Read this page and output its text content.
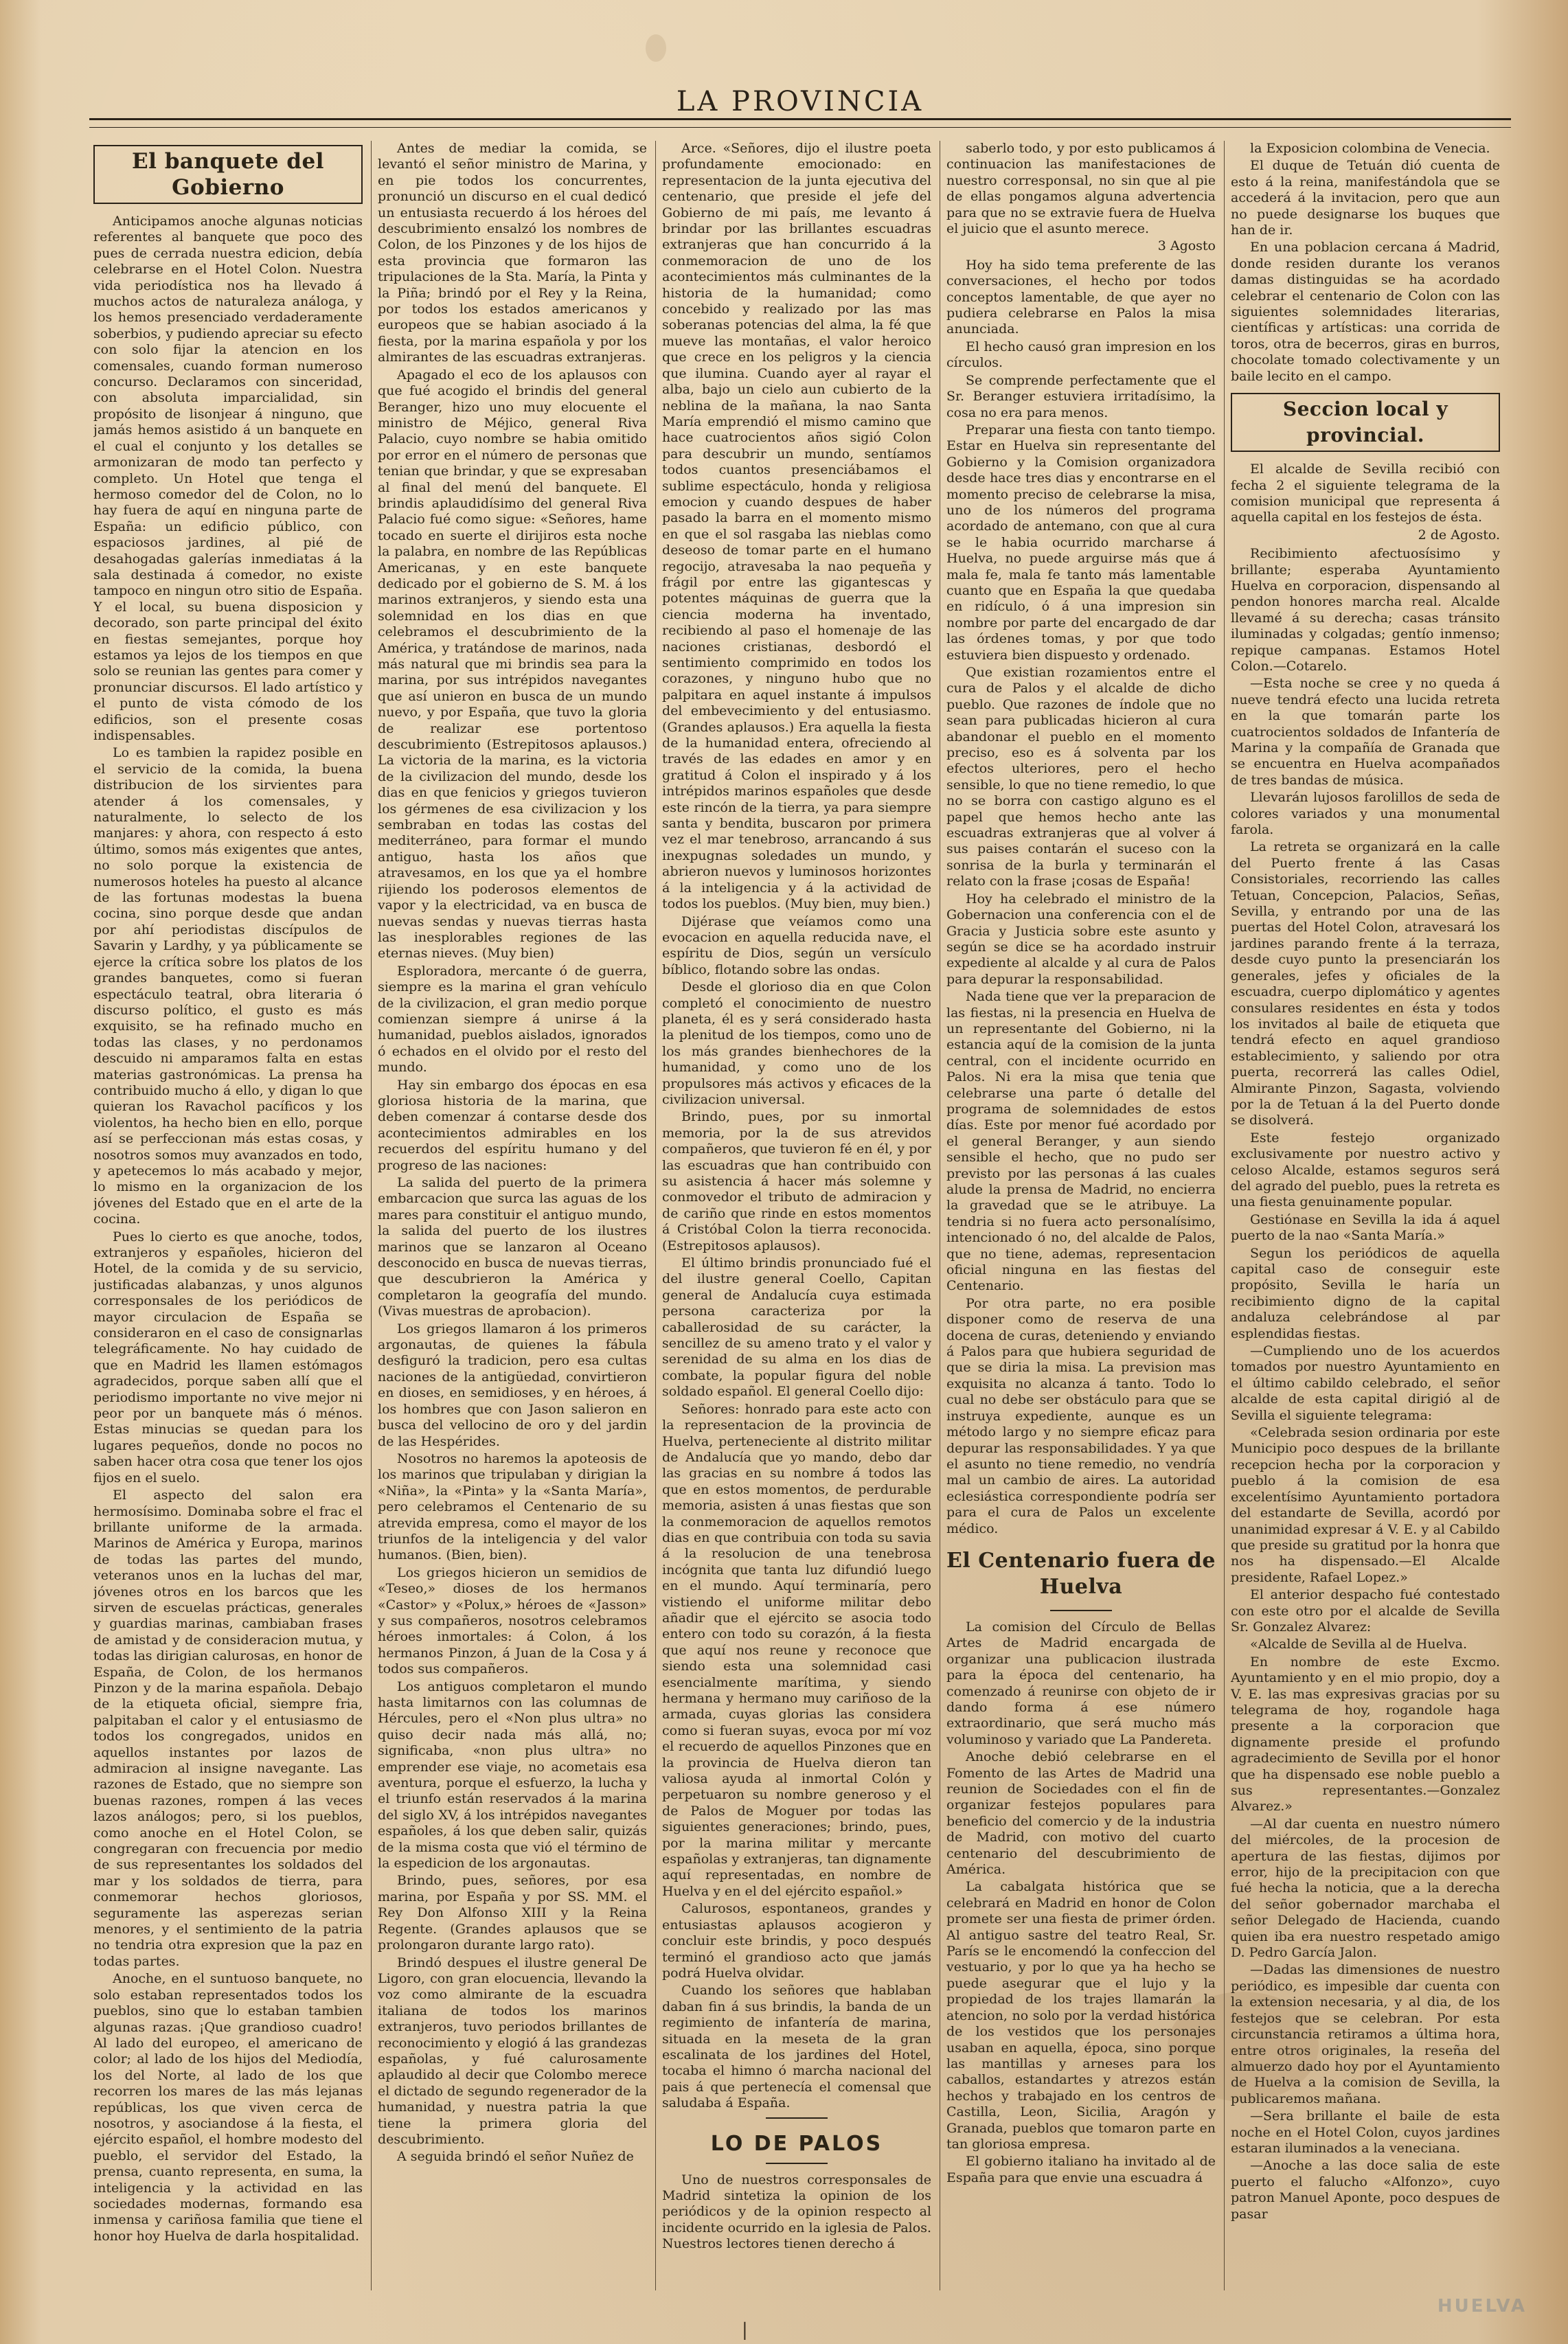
LA PROVINCIA
El banquete del Gobierno

Anticipamos anoche algunas noticias referentes al banquete que poco des pues de cerrada nuestra edicion, debía celebrarse en el Hotel Colon. Nuestra vida periodística nos ha llevado á muchos actos de naturaleza análoga, y los hemos presenciado verdaderamente soberbios, y pudiendo apreciar su efecto con solo fijar la atencion en los comensales, cuando forman numeroso concurso. Declaramos con sinceridad, con absoluta imparcialidad, sin propósito de lisonjear á ninguno, que jamás hemos asistido á un banquete en el cual el conjunto y los detalles se armonizaran de modo tan perfecto y completo. Un Hotel que tenga el hermoso comedor del de Colon, no lo hay fuera de aquí en ninguna parte de España: un edificio público, con espaciosos jardines, al pié de desahogadas galerías inmediatas á la sala destinada á comedor, no existe tampoco en ningun otro sitio de España. Y el local, su buena disposicion y decorado, son parte principal del éxito en fiestas semejantes, porque hoy estamos ya lejos de los tiempos en que solo se reunian las gentes para comer y pronunciar discursos. El lado artístico y el punto de vista cómodo de los edificios, son el presente cosas indispensables.

Lo es tambien la rapidez posible en el servicio de la comida, la buena distribucion de los sirvientes para atender á los comensales, y naturalmente, lo selecto de los manjares: y ahora, con respecto á esto último, somos más exigentes que antes, no solo porque la existencia de numerosos hoteles ha puesto al alcance de las fortunas modestas la buena cocina, sino porque desde que andan por ahí periodistas discípulos de Savarin y Lardhy, y ya públicamente se ejerce la crítica sobre los platos de los grandes banquetes, como si fueran espectáculo teatral, obra literaria ó discurso político, el gusto es más exquisito, se ha refinado mucho en todas las clases, y no perdonamos descuido ni amparamos falta en estas materias gastronómicas. La prensa ha contribuido mucho á ello, y digan lo que quieran los Ravachol pacíficos y los violentos, ha hecho bien en ello, porque así se perfeccionan más estas cosas, y nosotros somos muy avanzados en todo, y apetecemos lo más acabado y mejor, lo mismo en la organizacion de los jóvenes del Estado que en el arte de la cocina.

Pues lo cierto es que anoche, todos, extranjeros y españoles, hicieron del Hotel, de la comida y de su servicio, justificadas alabanzas, y unos algunos corresponsales de los periódicos de mayor circulacion de España se consideraron en el caso de consignarlas telegráficamente. No hay cuidado de que en Madrid les llamen estómagos agradecidos, porque saben allí que el periodismo importante no vive mejor ni peor por un banquete más ó ménos. Estas minucias se quedan para los lugares pequeños, donde no pocos no saben hacer otra cosa que tener los ojos fijos en el suelo.

El aspecto del salon era hermosísimo. Dominaba sobre el frac el brillante uniforme de la armada. Marinos de América y Europa, marinos de todas las partes del mundo, veteranos unos en la luchas del mar, jóvenes otros en los barcos que les sirven de escuelas prácticas, generales y guardias marinas, cambiaban frases de amistad y de consideracion mutua, y todas las dirigian calurosas, en honor de España, de Colon, de los hermanos Pinzon y de la marina española. Debajo de la etiqueta oficial, siempre fria, palpitaban el calor y el entusiasmo de todos los congregados, unidos en aquellos instantes por lazos de admiracion al insigne navegante. Las razones de Estado, que no siempre son buenas razones, rompen á las veces lazos análogos; pero, si los pueblos, como anoche en el Hotel Colon, se congregaran con frecuencia por medio de sus representantes los soldados del mar y los soldados de tierra, para conmemorar hechos gloriosos, seguramente las asperezas serian menores, y el sentimiento de la patria no tendria otra expresion que la paz en todas partes.

Anoche, en el suntuoso banquete, no solo estaban representados todos los pueblos, sino que lo estaban tambien algunas razas. ¡Que grandioso cuadro! Al lado del europeo, el americano de color; al lado de los hijos del Mediodía, los del Norte, al lado de los que recorren los mares de las más lejanas repúblicas, los que viven cerca de nosotros, y asociandose á la fiesta, el ejército español, el hombre modesto del pueblo, el servidor del Estado, la prensa, cuanto representa, en suma, la inteligencia y la actividad en las sociedades modernas, formando esa inmensa y cariñosa familia que tiene el honor hoy Huelva de darla hospitalidad.

Antes de mediar la comida, se levantó el señor ministro de Marina, y en pie todos los concurrentes, pronunció un discurso en el cual dedicó un entusiasta recuerdo á los héroes del descubrimiento ensalzó los nombres de Colon, de los Pinzones y de los hijos de esta provincia que formaron las tripulaciones de la Sta. María, la Pinta y la Piña; brindó por el Rey y la Reina, por todos los estados americanos y europeos que se habian asociado á la fiesta, por la marina española y por los almirantes de las escuadras extranjeras.

Apagado el eco de los aplausos con que fué acogido el brindis del general Beranger, hizo uno muy elocuente el ministro de Méjico, general Riva Palacio, cuyo nombre se habia omitido por error en el número de personas que tenian que brindar, y que se expresaban al final del menú del banquete. El brindis aplaudidísimo del general Riva Palacio fué como sigue: «Señores, hame tocado en suerte el dirijiros esta noche la palabra, en nombre de las Repúblicas Americanas, y en este banquete dedicado por el gobierno de S. M. á los marinos extranjeros, y siendo esta una solemnidad en los dias en que celebramos el descubrimiento de la América, y tratándose de marinos, nada más natural que mi brindis sea para la marina, por sus intrépidos navegantes que así unieron en busca de un mundo nuevo, y por España, que tuvo la gloria de realizar ese portentoso descubrimiento (Estrepitosos aplausos.) La victoria de la marina, es la victoria de la civilizacion del mundo, desde los dias en que fenicios y griegos tuvieron los gérmenes de esa civilizacion y los sembraban en todas las costas del mediterráneo, para formar el mundo antiguo, hasta los años que atravesamos, en los que ya el hombre rijiendo los poderosos elementos de vapor y la electricidad, va en busca de nuevas sendas y nuevas tierras hasta las inesplorables regiones de las eternas nieves. (Muy bien)

Esploradora, mercante ó de guerra, siempre es la marina el gran vehículo de la civilizacion, el gran medio porque comienzan siempre á unirse á la humanidad, pueblos aislados, ignorados ó echados en el olvido por el resto del mundo.

Hay sin embargo dos épocas en esa gloriosa historia de la marina, que deben comenzar á contarse desde dos acontecimientos admirables en los recuerdos del espíritu humano y del progreso de las naciones:

La salida del puerto de la primera embarcacion que surca las aguas de los mares para constituir el antiguo mundo, la salida del puerto de los ilustres marinos que se lanzaron al Oceano desconocido en busca de nuevas tierras, que descubrieron la América y completaron la geografía del mundo. (Vivas muestras de aprobacion).

Los griegos llamaron á los primeros argonautas, de quienes la fábula desfiguró la tradicion, pero esa cultas naciones de la antigüedad, convirtieron en dioses, en semidioses, y en héroes, á los hombres que con Jason salieron en busca del vellocino de oro y del jardin de las Hespérides.

Nosotros no haremos la apoteosis de los marinos que tripulaban y dirigian la «Niña», la «Pinta» y la «Santa María», pero celebramos el Centenario de su atrevida empresa, como el mayor de los triunfos de la inteligencia y del valor humanos. (Bien, bien).

Los griegos hicieron un semidios de «Teseo,» dioses de los hermanos «Castor» y «Polux,» héroes de «Jasson» y sus compañeros, nosotros celebramos héroes inmortales: á Colon, á los hermanos Pinzon, á Juan de la Cosa y á todos sus compañeros.

Los antiguos completaron el mundo hasta limitarnos con las columnas de Hércules, pero el «Non plus ultra» no quiso decir nada más allá, no; significaba, «non plus ultra» no emprender ese viaje, no acometais esa aventura, porque el esfuerzo, la lucha y el triunfo están reservados á la marina del siglo XV, á los intrépidos navegantes españoles, á los que deben salir, quizás de la misma costa que vió el término de la espedicion de los argonautas.

Brindo, pues, señores, por esa marina, por España y por SS. MM. el Rey Don Alfonso XIII y la Reina Regente. (Grandes aplausos que se prolongaron durante largo rato).

Brindó despues el ilustre general De Ligoro, con gran elocuencia, llevando la voz como almirante de la escuadra italiana de todos los marinos extranjeros, tuvo periodos brillantes de reconocimiento y elogió á las grandezas españolas, y fué calurosamente aplaudido al decir que Colombo merece el dictado de segundo regenerador de la humanidad, y nuestra patria la que tiene la primera gloria del descubrimiento.

A seguida brindó el señor Nuñez de

Arce. «Señores, dijo el ilustre poeta profundamente emocionado: en representacion de la junta ejecutiva del centenario, que preside el jefe del Gobierno de mi país, me levanto á brindar por las brillantes escuadras extranjeras que han concurrido á la conmemoracion de uno de los acontecimientos más culminantes de la historia de la humanidad; como concebido y realizado por las mas soberanas potencias del alma, la fé que mueve las montañas, el valor heroico que crece en los peligros y la ciencia que ilumina. Cuando ayer al rayar el alba, bajo un cielo aun cubierto de la neblina de la mañana, la nao Santa María emprendió el mismo camino que hace cuatrocientos años sigió Colon para descubrir un mundo, sentíamos todos cuantos presenciábamos el sublime espectáculo, honda y religiosa emocion y cuando despues de haber pasado la barra en el momento mismo en que el sol rasgaba las nieblas como deseoso de tomar parte en el humano regocijo, atravesaba la nao pequeña y frágil por entre las gigantescas y potentes máquinas de guerra que la ciencia moderna ha inventado, recibiendo al paso el homenaje de las naciones cristianas, desbordó el sentimiento comprimido en todos los corazones, y ninguno hubo que no palpitara en aquel instante á impulsos del embevecimiento y del entusiasmo. (Grandes aplausos.) Era aquella la fiesta de la humanidad entera, ofreciendo al través de las edades en amor y en gratitud á Colon el inspirado y á los intrépidos marinos españoles que desde este rincón de la tierra, ya para siempre santa y bendita, buscaron por primera vez el mar tenebroso, arrancando á sus inexpugnas soledades un mundo, y abrieron nuevos y luminosos horizontes á la inteligencia y á la actividad de todos los pueblos. (Muy bien, muy bien.)

Dijérase que veíamos como una evocacion en aquella reducida nave, el espíritu de Dios, según un versículo bíblico, flotando sobre las ondas.

Desde el glorioso dia en que Colon completó el conocimiento de nuestro planeta, él es y será considerado hasta la plenitud de los tiempos, como uno de los más grandes bienhechores de la humanidad, y como uno de los propulsores más activos y eficaces de la civilizacion universal.

Brindo, pues, por su inmortal memoria, por la de sus atrevidos compañeros, que tuvieron fé en él, y por las escuadras que han contribuido con su asistencia á hacer más solemne y conmovedor el tributo de admiracion y de cariño que rinde en estos momentos á Cristóbal Colon la tierra reconocida. (Estrepitosos aplausos).

El último brindis pronunciado fué el del ilustre general Coello, Capitan general de Andalucía cuya estimada persona caracteriza por la caballerosidad de su carácter, la sencillez de su ameno trato y el valor y serenidad de su alma en los dias de combate, la popular figura del noble soldado español. El general Coello dijo:

Señores: honrado para este acto con la representacion de la provincia de Huelva, perteneciente al distrito militar de Andalucía que yo mando, debo dar las gracias en su nombre á todos las que en estos momentos, de perdurable memoria, asisten á unas fiestas que son la conmemoracion de aquellos remotos dias en que contribuia con toda su savia á la resolucion de una tenebrosa incógnita que tanta luz difundió luego en el mundo. Aquí terminaría, pero vistiendo el uniforme militar debo añadir que el ejército se asocia todo entero con todo su corazón, á la fiesta que aquí nos reune y reconoce que siendo esta una solemnidad casi esencialmente marítima, y siendo hermana y hermano muy cariñoso de la armada, cuyas glorias las considera como si fueran suyas, evoca por mí voz el recuerdo de aquellos Pinzones que en la provincia de Huelva dieron tan valiosa ayuda al inmortal Colón y perpetuaron su nombre generoso y el de Palos de Moguer por todas las siguientes generaciones; brindo, pues, por la marina militar y mercante españolas y extranjeras, tan dignamente aquí representadas, en nombre de Huelva y en el del ejército español.»

Calurosos, espontaneos, grandes y entusiastas aplausos acogieron y concluir este brindis, y poco después terminó el grandioso acto que jamás podrá Huelva olvidar.

Cuando los señores que hablaban daban fin á sus brindis, la banda de un regimiento de infantería de marina, situada en la meseta de la gran escalinata de los jardines del Hotel, tocaba el himno ó marcha nacional del pais á que pertenecía el comensal que saludaba á España.

LO DE PALOS

Uno de nuestros corresponsales de Madrid sintetiza la opinion de los periódicos y de la opinion respecto al incidente ocurrido en la iglesia de Palos. Nuestros lectores tienen derecho á

saberlo todo, y por esto publicamos á continuacion las manifestaciones de nuestro corresponsal, no sin que al pie de ellas pongamos alguna advertencia para que no se extravie fuera de Huelva el juicio que el asunto merece.

3 Agosto

Hoy ha sido tema preferente de las conversaciones, el hecho por todos conceptos lamentable, de que ayer no pudiera celebrarse en Palos la misa anunciada.

El hecho causó gran impresion en los círculos.

Se comprende perfectamente que el Sr. Beranger estuviera irritadísimo, la cosa no era para menos.

Preparar una fiesta con tanto tiempo. Estar en Huelva sin representante del Gobierno y la Comision organizadora desde hace tres dias y encontrarse en el momento preciso de celebrarse la misa, uno de los números del programa acordado de antemano, con que al cura se le habia ocurrido marcharse á Huelva, no puede arguirse más que á mala fe, mala fe tanto más lamentable cuanto que en España la que quedaba en ridículo, ó á una impresion sin nombre por parte del encargado de dar las órdenes tomas, y por que todo estuviera bien dispuesto y ordenado.

Que existian rozamientos entre el cura de Palos y el alcalde de dicho pueblo. Que razones de índole que no sean para publicadas hicieron al cura abandonar el pueblo en el momento preciso, eso es á solventa par los efectos ulteriores, pero el hecho sensible, lo que no tiene remedio, lo que no se borra con castigo alguno es el papel que hemos hecho ante las escuadras extranjeras que al volver á sus paises contarán el suceso con la sonrisa de la burla y terminarán el relato con la frase ¡cosas de España!

Hoy ha celebrado el ministro de la Gobernacion una conferencia con el de Gracia y Justicia sobre este asunto y según se dice se ha acordado instruir expediente al alcalde y al cura de Palos para depurar la responsabilidad.

Nada tiene que ver la preparacion de las fiestas, ni la presencia en Huelva de un representante del Gobierno, ni la estancia aquí de la comision de la junta central, con el incidente ocurrido en Palos. Ni era la misa que tenia que celebrarse una parte ó detalle del programa de solemnidades de estos días. Este por menor fué acordado por el general Beranger, y aun siendo sensible el hecho, que no pudo ser previsto por las personas á las cuales alude la prensa de Madrid, no encierra la gravedad que se le atribuye. La tendria si no fuera acto personalísimo, intencionado ó no, del alcalde de Palos, que no tiene, ademas, representacion oficial ninguna en las fiestas del Centenario.

Por otra parte, no era posible disponer como de reserva de una docena de curas, deteniendo y enviando á Palos para que hubiera seguridad de que se diria la misa. La prevision mas exquisita no alcanza á tanto. Todo lo cual no debe ser obstáculo para que se instruya expediente, aunque es un método largo y no siempre eficaz para depurar las responsabilidades. Y ya que el asunto no tiene remedio, no vendría mal un cambio de aires. La autoridad eclesiástica correspondiente podría ser para el cura de Palos un excelente médico.

El Centenario fuera de Huelva

La comision del Círculo de Bellas Artes de Madrid encargada de organizar una publicacion ilustrada para la época del centenario, ha comenzado á reunirse con objeto de ir dando forma á ese número extraordinario, que será mucho más voluminoso y variado que La Pandereta.

Anoche debió celebrarse en el Fomento de las Artes de Madrid una reunion de Sociedades con el fin de organizar festejos populares para beneficio del comercio y de la industria de Madrid, con motivo del cuarto centenario del descubrimiento de América.

La cabalgata histórica que se celebrará en Madrid en honor de Colon promete ser una fiesta de primer órden. Al antiguo sastre del teatro Real, Sr. París se le encomendó la confeccion del vestuario, y por lo que ya ha hecho se puede asegurar que el lujo y la propiedad de los trajes llamarán la atencion, no solo por la verdad histórica de los vestidos que los personajes usaban en aquella, época, sino porque las mantillas y arneses para los caballos, estandartes y atrezos están hechos y trabajado en los centros de Castilla, Leon, Sicilia, Aragón y Granada, pueblos que tomaron parte en tan gloriosa empresa.

El gobierno italiano ha invitado al de España para que envie una escuadra á

la Exposicion colombina de Venecia.

El duque de Tetuán dió cuenta de esto á la reina, manifestándola que se accederá á la invitacion, pero que aun no puede designarse los buques que han de ir.

En una poblacion cercana á Madrid, donde residen durante los veranos damas distinguidas se ha acordado celebrar el centenario de Colon con las siguientes solemnidades literarias, científicas y artísticas: una corrida de toros, otra de becerros, giras en burros, chocolate tomado colectivamente y un baile lecito en el campo.

Seccion local y provincial.

El alcalde de Sevilla recibió con fecha 2 el siguiente telegrama de la comision municipal que representa á aquella capital en los festejos de ésta.

2 de Agosto.

Recibimiento afectuosísimo y brillante; esperaba Ayuntamiento Huelva en corporacion, dispensando al pendon honores marcha real. Alcalde llevamé á su derecha; casas tránsito iluminadas y colgadas; gentío inmenso; repique campanas. Estamos Hotel Colon.—Cotarelo.

—Esta noche se cree y no queda á nueve tendrá efecto una lucida retreta en la que tomarán parte los cuatrocientos soldados de Infantería de Marina y la compañía de Granada que se encuentra en Huelva acompañados de tres bandas de música.

Llevarán lujosos farolillos de seda de colores variados y una monumental farola.

La retreta se organizará en la calle del Puerto frente á las Casas Consistoriales, recorriendo las calles Tetuan, Concepcion, Palacios, Señas, Sevilla, y entrando por una de las puertas del Hotel Colon, atravesará los jardines parando frente á la terraza, desde cuyo punto la presenciarán los generales, jefes y oficiales de la escuadra, cuerpo diplomático y agentes consulares residentes en ésta y todos los invitados al baile de etiqueta que tendrá efecto en aquel grandioso establecimiento, y saliendo por otra puerta, recorrerá las calles Odiel, Almirante Pinzon, Sagasta, volviendo por la de Tetuan á la del Puerto donde se disolverá.

Este festejo organizado exclusivamente por nuestro activo y celoso Alcalde, estamos seguros será del agrado del pueblo, pues la retreta es una fiesta genuinamente popular.

Gestiónase en Sevilla la ida á aquel puerto de la nao «Santa María.»

Segun los periódicos de aquella capital caso de conseguir este propósito, Sevilla le haría un recibimiento digno de la capital andaluza celebrándose al par esplendidas fiestas.

—Cumpliendo uno de los acuerdos tomados por nuestro Ayuntamiento en el último cabildo celebrado, el señor alcalde de esta capital dirigió al de Sevilla el siguiente telegrama:

«Celebrada sesion ordinaria por este Municipio poco despues de la brillante recepcion hecha por la corporacion y pueblo á la comision de esa excelentísimo Ayuntamiento portadora del estandarte de Sevilla, acordó por unanimidad expresar á V. E. y al Cabildo que preside su gratitud por la honra que nos ha dispensado.—El Alcalde presidente, Rafael Lopez.»

El anterior despacho fué contestado con este otro por el alcalde de Sevilla Sr. Gonzalez Alvarez:

«Alcalde de Sevilla al de Huelva.

En nombre de este Excmo. Ayuntamiento y en el mio propio, doy a V. E. las mas expresivas gracias por su telegrama de hoy, rogandole haga presente a la corporacion que dignamente preside el profundo agradecimiento de Sevilla por el honor que ha dispensado ese noble pueblo a sus representantes.—Gonzalez Alvarez.»

—Al dar cuenta en nuestro número del miércoles, de la procesion de apertura de las fiestas, dijimos por error, hijo de la precipitacion con que fué hecha la noticia, que a la derecha del señor gobernador marchaba el señor Delegado de Hacienda, cuando quien iba era nuestro respetado amigo D. Pedro García Jalon.

—Dadas las dimensiones de nuestro periódico, es impesible dar cuenta con la extension necesaria, y al dia, de los festejos que se celebran. Por esta circunstancia retiramos a última hora, entre otros originales, la reseña del almuerzo dado hoy por el Ayuntamiento de Huelva a la comision de Sevilla, la publicaremos mañana.

—Sera brillante el baile de esta noche en el Hotel Colon, cuyos jardines estaran iluminados a la veneciana.

—Anoche a las doce salia de este puerto el falucho «Alfonzo», cuyo patron Manuel Aponte, poco despues de pasar

HUELVA
|
